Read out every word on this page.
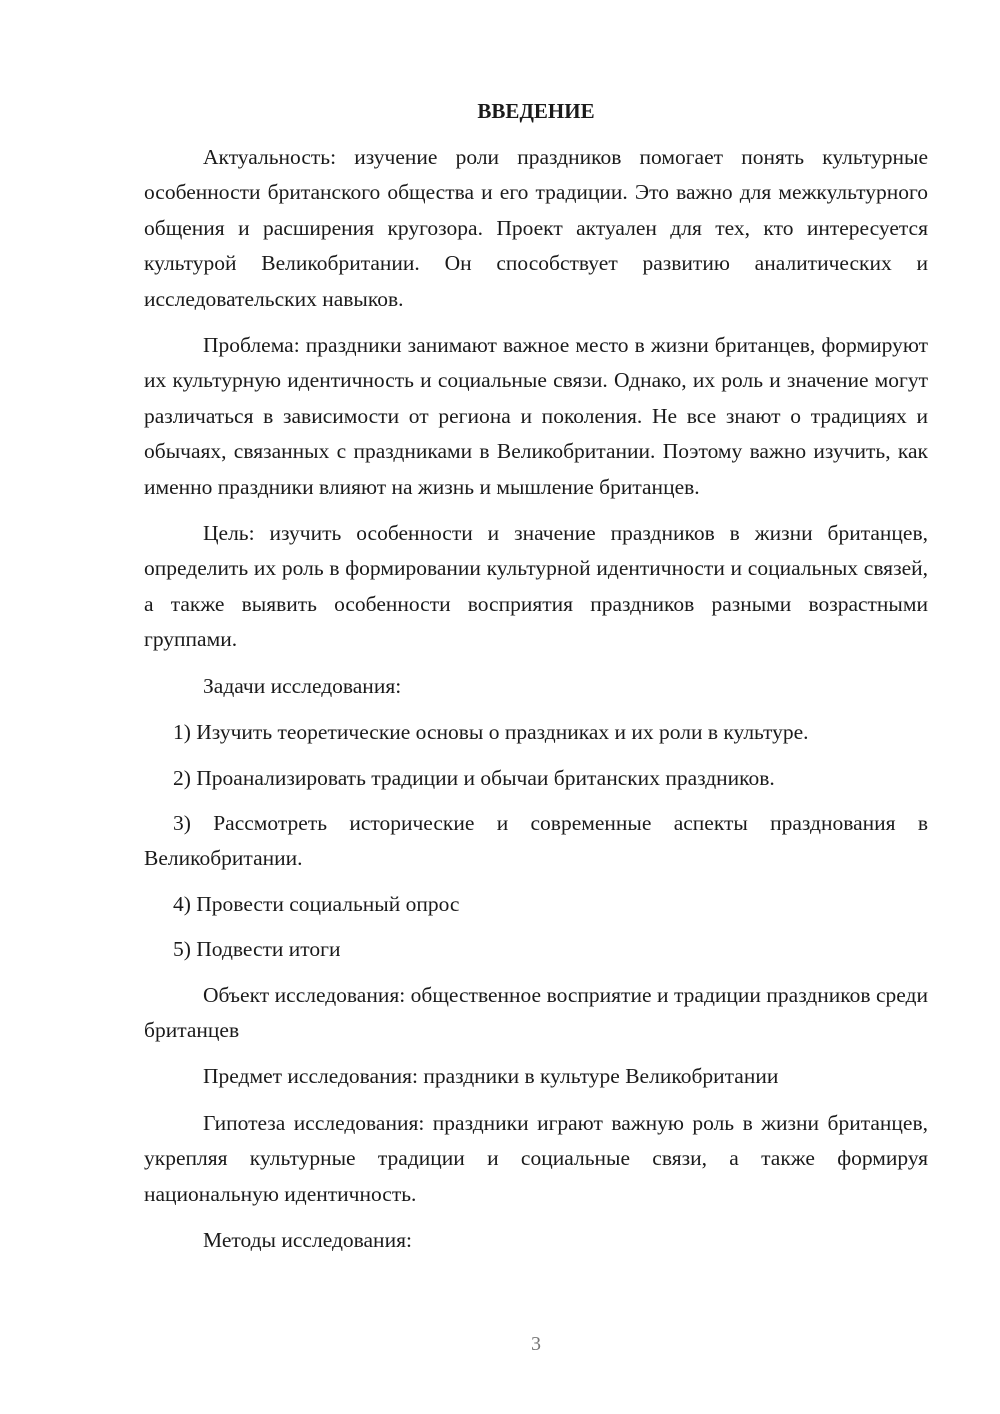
ВВЕДЕНИЕ

Актуальность: изучение роли праздников помогает понять культурные особенности британского общества и его традиции. Это важно для межкультурного общения и расширения кругозора. Проект актуален для тех, кто интересуется культурой Великобритании. Он способствует развитию аналитических и исследовательских навыков.

Проблема: праздники занимают важное место в жизни британцев, формируют их культурную идентичность и социальные связи. Однако, их роль и значение могут различаться в зависимости от региона и поколения. Не все знают о традициях и обычаях, связанных с праздниками в Великобритании. Поэтому важно изучить, как именно праздники влияют на жизнь и мышление британцев.

Цель: изучить особенности и значение праздников в жизни британцев, определить их роль в формировании культурной идентичности и социальных связей, а также выявить особенности восприятия праздников разными возрастными группами.

Задачи исследования:

1) Изучить теоретические основы о праздниках и их роли в культуре.

2) Проанализировать традиции и обычаи британских праздников.

3) Рассмотреть исторические и современные аспекты празднования в Великобритании.

4) Провести социальный опрос

5) Подвести итоги

Объект исследования: общественное восприятие и традиции праздников среди британцев

Предмет исследования: праздники в культуре Великобритании

Гипотеза исследования: праздники играют важную роль в жизни британцев, укрепляя культурные традиции и социальные связи, а также формируя национальную идентичность.

Методы исследования:

3
